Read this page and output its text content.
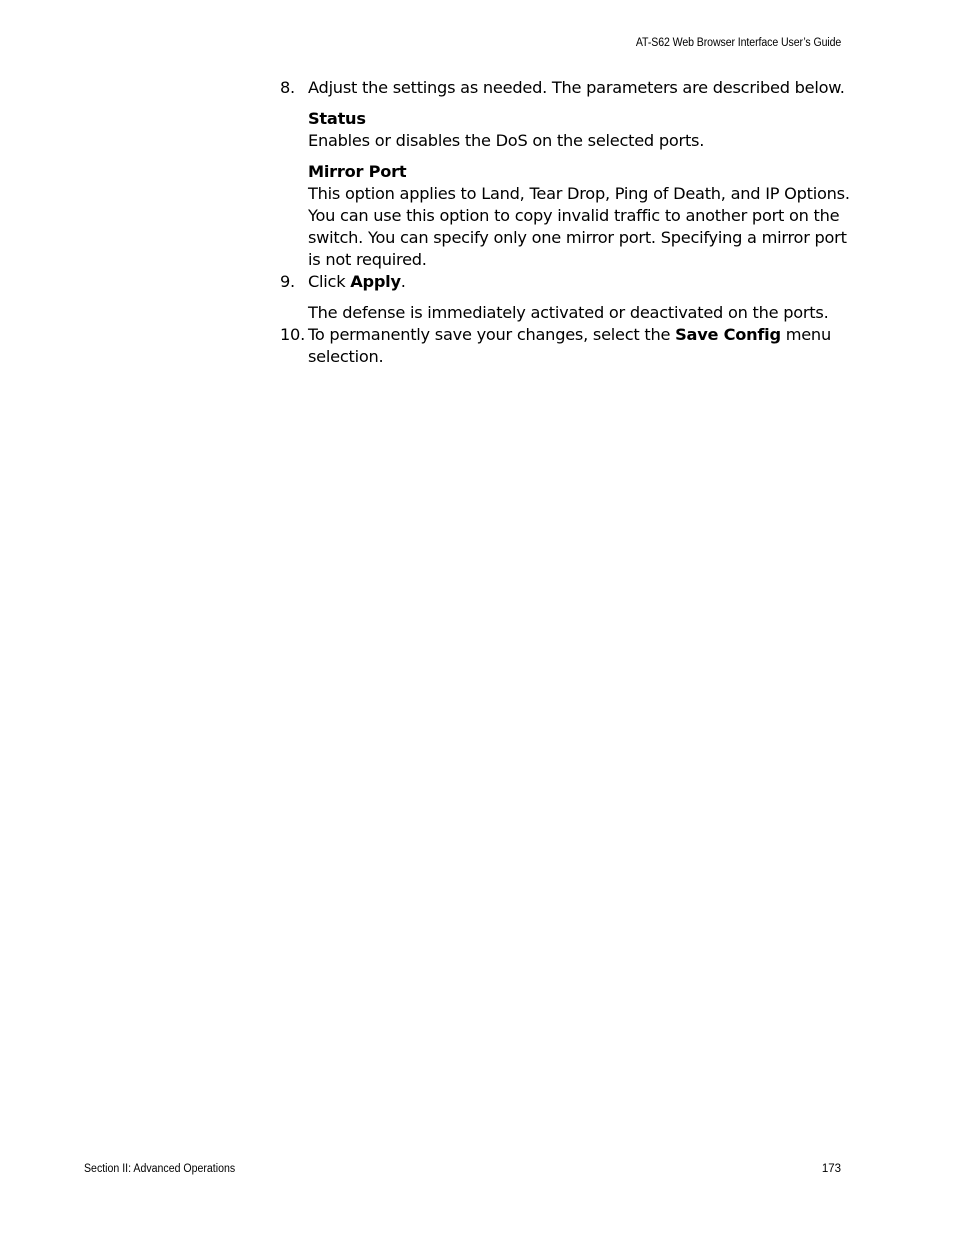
AT-S62 Web Browser Interface User’s Guide
8. Adjust the settings as needed. The parameters are described below.
Status
Enables or disables the DoS on the selected ports.
Mirror Port
This option applies to Land, Tear Drop, Ping of Death, and IP Options. You can use this option to copy invalid traffic to another port on the switch. You can specify only one mirror port. Specifying a mirror port is not required.
9. Click Apply.

The defense is immediately activated or deactivated on the ports.

10. To permanently save your changes, select the Save Config menu selection.
Section II: Advanced Operations	173
